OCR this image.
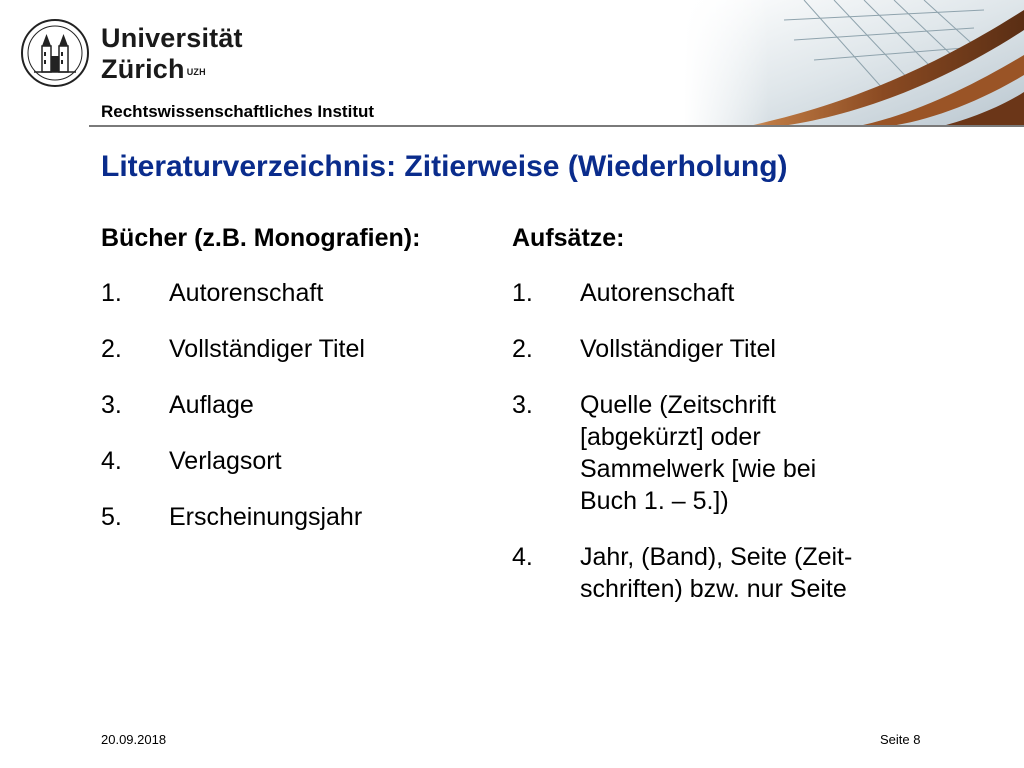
Universität
Zürich $^{UZH}$
Rechtswissenschaftliches Institut
Literaturverzeichnis: Zitierweise (Wiederholung)
Bücher (z.B. Monografien):
1.	Autorenschaft
2.	Vollständiger Titel
3.	Auflage
4.	Verlagsort
5.	Erscheinungsjahr
Aufsätze:
1.	Autorenschaft
2.	Vollständiger Titel
3.	Quelle (Zeitschrift [abgekürzt] oder Sammelwerk [wie bei Buch 1. – 5.])
4.	Jahr, (Band), Seite (Zeit-schriften) bzw. nur Seite
20.09.2018	Seite 8
